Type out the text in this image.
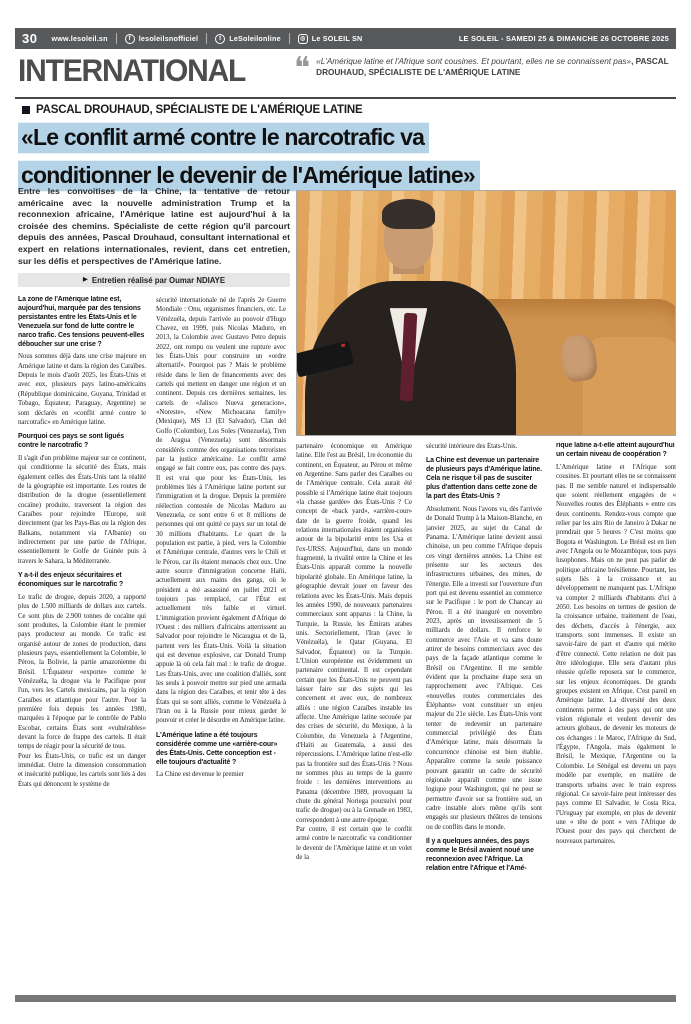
30 www.lesoleil.sn	f	lesoleilsnofficiel	t	LeSoleilonline	◎ Le SOLEIL SN	LE SOLEIL - SAMEDI 25 & DIMANCHE 26 OCTOBRE 2025
INTERNATIONAL ❝ «L'Amérique latine et l'Afrique sont cousines. Et pourtant, elles ne se connaissent pas», PASCAL DROUHAUD, SPÉCIALISTE DE L'AMÉRIQUE LATINE

PASCAL DROUHAUD, SPÉCIALISTE DE L'AMÉRIQUE LATINE
«Le conflit armé contre le narcotrafic va
conditionner le devenir de l'Amérique latine»

Entre les convoitises de la Chine, la tentative de retour américaine avec la nouvelle administration Trump et la reconnexion africaine, l'Amérique latine est aujourd'hui à la croisée des chemins. Spécialiste de cette région qu'il parcourt depuis des années, Pascal Drouhaud, consultant international et expert en relations internationales, revient, dans cet entretien, sur les défis et perspectives de l'Amérique latine.

▶ Entretien réalisé par Oumar NDIAYE

La zone de l'Amérique latine est, aujourd'hui, marquée par des tensions persistantes entre les États-Unis et le Venezuela sur fond de lutte contre le narco trafic. Ces tensions peuvent-elles déboucher sur une crise ?

Nous sommes déjà dans une crise majeure en Amérique latine et dans la région des Caraïbes. Depuis le mois d'août 2025, les États-Unis et avec eux, plusieurs pays latino-américains (République dominicaine, Guyana, Trinidad et Tobago, Équateur, Paraguay, Argentine) se sont déclarés en «conflit armé contre le narcotrafic» en Amérique latine.

Pourquoi ces pays se sont ligués contre le narcotrafic ?

Il s'agit d'un problème majeur sur ce continent, qui conditionne la sécurité des États, mais également celles des États-Unis tant la réalité de la géographie est importante. Les routes de distribution de la drogue (essentiellement cocaïne) produite, traversent la région des Caraïbes pour rejoindre l'Europe, soit directement (par les Pays-Bas ou la région des Balkans, notamment via l'Albanie) ou indirectement par une partie de l'Afrique, essentiellement le Golfe de Guinée puis à travers le Sahara, la Méditerranée.

Y a-t-il des enjeux sécuritaires et économiques sur le narcotrafic ?

Le trafic de drogue, depuis 2020, a rapporté plus de 1.500 milliards de dollars aux cartels. Ce sont plus de 2.900 tonnes de cocaïne qui sont produites, la Colombie étant le premier pays producteur au monde. Ce trafic est organisé autour de zones de production, dans plusieurs pays, essentiellement la Colombie, le Pérou, la Bolivie, la partie amazonienne du Brésil. L'Équateur «exporte» comme le Vénézuéla, la drogue via le Pacifique pour l'un, vers les Cartels mexicains, par la région Caraïbes et atlantique pour l'autre. Pour la première fois depuis les années 1980, marquées à l'époque par le contrôle de Pablo Escobar, certains États sont «vulnérables» devant la force de frappe des cartels. Il était temps de réagir pour la sécurité de tous.

Pour les États-Unis, ce trafic est un danger immédiat. Outre la dimension consommation et insécurité publique, les cartels sont liés à des États qui dénoncent le système de

sécurité internationale né de l'après 2e Guerre Mondiale : Onu, organismes financiers, etc. Le Vénézuéla, depuis l'arrivée au pouvoir d'Hugo Chavez, en 1999, puis Nicolas Maduro, en 2013, la Colombie avec Gustavo Petro depuis 2022, ont rompu ou veulent une rupture avec les États-Unis pour construire un «ordre alternatif». Pourquoi pas ? Mais le problème réside dans le lien de financements avec des cartels qui mettent en danger une région et un continent. Depuis ces dernières semaines, les cartels de «Jalisco Nueva generacion», «Noreste», «New Michoacana family» (Mexique), MS 13 (El Salvador), Clan del Golfo (Colombie), Los Soles (Venezuela), Tren de Aragua (Venezuela) sont désormais considérés comme des organisations terroristes par la justice américaine. Le conflit armé engagé se fait contre eux, pas contre des pays. Il est vrai que pour les États-Unis, les problèmes liés à l'Amérique latine portent sur l'immigration et la drogue. Depuis la première réélection contestée de Nicolas Maduro au Venezuela, ce sont entre 6 et 8 millions de personnes qui ont quitté ce pays sur un total de 30 millions d'habitants. Le quart de la population est partie, à pied, vers la Colombie et l'Amérique centrale, d'autres vers le Chili et le Pérou, car ils étaient menacés chez eux. Une autre source d'immigration concerne Haïti, actuellement aux mains des gangs, où le président a été assassiné en juillet 2021 et toujours pas remplacé, car l'État est actuellement très faible et virtuel. L'immigration provient également d'Afrique de l'Ouest : des milliers d'africains atterrissent au Salvador pour rejoindre le Nicaragua et de là, partent vers les États-Unis. Voilà la situation qui est devenue explosive, car Donald Trump appuie là où cela fait mal : le trafic de drogue. Les États-Unis, avec une coalition d'alliés, sont les seuls à pouvoir mettre sur pied une armada dans la région des Caraïbes, et tenir tête à des États qui se sont alliés, comme le Vénézuéla à l'Iran ou à la Russie pour mieux garder le pouvoir et créer le désordre en Amérique latine.

L'Amérique latine a été toujours considérée comme une «arrière-cour» des États-Unis. Cette conception est -elle toujours d'actualité ?

La Chine est devenue le premier

partenaire économique en Amérique latine. Elle l'est au Brésil, 1re économie du continent, en Équateur, au Pérou et même en Argentine. Sans parler des Caraïbes ou de l'Amérique centrale. Cela aurait été possible si l'Amérique latine était toujours «la chasse gardée» des États-Unis ? Ce concept de «back yard», «arrière-cour» date de la guerre froide, quand les relations internationales étaient organisées autour de la bipolarité entre les Usa et l'ex-URSS. Aujourd'hui, dans un monde fragmenté, la rivalité entre la Chine et les États-Unis apparaît comme la nouvelle bipolarité globale. En Amérique latine, la géographie devrait jouer en faveur des relations avec les États-Unis. Mais depuis les années 1990, de nouveaux partenaires commerciaux sont apparus : la Chine, la Turquie, la Russie, les Émirats arabes unis. Sectoriellement, l'Iran (avec le Vénézuéla), le Qatar (Guyana, El Salvador, Équateur) ou la Turquie. L'Union européenne est évidemment un partenaire continental. Il est cependant certain que les États-Unis ne peuvent pas laisser faire sur des sujets qui les concernent et avec eux, de nombreux alliés : une région Caraïbes instable les affecte. Une Amérique latine secouée par des crises de sécurité, du Mexique, à la Colombie, du Venezuela à l'Argentine, d'Haïti au Guatemala, a aussi des répercussions. L'Amérique latine n'est-elle pas la frontière sud des États-Unis ? Nous ne sommes plus au temps de la guerre froide : les dernières interventions au Panama (décembre 1989, provoquant la chute du général Noriega poursuivi pour trafic de drogue) ou à la Grenade en 1983, correspondent à une autre époque.

Par contre, il est certain que le conflit armé contre le narcotrafic va conditionner le devenir de l'Amérique latine et un volet de la

sécurité intérieure des États-Unis.

La Chine est devenue un partenaire de plusieurs pays d'Amérique latine. Cela ne risque t-il pas de susciter plus d'attention dans cette zone de la part des États-Unis ?

Absolument. Nous l'avons vu, dès l'arrivée de Donald Trump à la Maison-Blanche, en janvier 2025, au sujet du Canal de Panama. L'Amérique latine devient aussi chinoise, un peu comme l'Afrique depuis ces vingt dernières années. La Chine est présente sur les secteurs des infrastructures urbaines, des mines, de l'énergie. Elle a investi sur l'ouverture d'un port qui est devenu essentiel au commerce sur le Pacifique : le port de Chancay au Pérou. Il a été inauguré en novembre 2023, après un investissement de 5 milliards de dollars. Il renforce le commerce avec l'Asie et va sans doute attirer de besoins commerciaux avec des pays de la façade atlantique comme le Brésil ou l'Argentine. Il me semble évident que la prochaine étape sera un rapprochement avec l'Afrique. Ces «nouvelles routes commerciales des Éléphants» vont constituer un enjeu majeur du 21e siècle. Les États-Unis vont tenter de redevenir un partenaire commercial privilégié des États d'Amérique latine, mais désormais la concurrence chinoise est bien établie. Apparaître comme la seule puissance pouvant garantir un cadre de sécurité régionale apparaît comme une issue logique pour Washington, qui ne peut se permettre d'avoir sur sa frontière sud, un cadre instable alors même qu'ils sont engagés sur plusieurs théâtres de tensions ou de conflits dans le monde.

Il y a quelques années, des pays comme le Brésil avaient noué une reconnexion avec l'Afrique. La relation entre l'Afrique et l'Amé-

rique latine a-t-elle atteint aujourd'hui un certain niveau de coopération ?

L'Amérique latine et l'Afrique sont cousines. Et pourtant elles ne se connaissent pas. Il me semble naturel et indispensable que soient réellement engagées de « Nouvelles routes des Éléphants » entre ces deux continents. Rendez-vous compte que relier par les airs Rio de Janeiro à Dakar ne prendrait que 5 heures ? C'est moins que Bogota et Washington. Le Brésil est en lien avec l'Angola ou le Mozambique, tous pays lusophones. Mais on ne peut pas parler de politique africaine brésilienne. Pourtant, les sujets liés à la croissance et au développement ne manquent pas. L'Afrique va compter 2 milliards d'habitants d'ici à 2050. Les besoins en termes de gestion de la croissance urbaine, traitement de l'eau, des déchets, d'accès à l'énergie, aux transports sont immenses. Il existe un savoir-faire de part et d'autre qui mérite d'être connecté. Cette relation ne doit pas être idéologique. Elle sera d'autant plus réussie qu'elle reposera sur le commerce, sur les enjeux économiques. De grands groupes existent en Afrique. C'est pareil en Amérique latine. La diversité des deux continents permet à des pays qui ont une vision régionale et veulent devenir des acteurs globaux, de devenir les moteurs de ces échanges : le Maroc, l'Afrique du Sud, l'Égypte, l'Angola, mais également le Brésil, le Mexique, l'Argentine ou la Colombie. Le Sénégal est devenu un pays modèle par exemple, en matière de transports urbains avec le train express régional. Ce savoir-faire peut intéresser des pays comme El Salvador, le Costa Rica, l'Uruguay par exemple, en plus de devenir une « tête de pont » vers l'Afrique de l'Ouest pour des pays qui cherchent de nouveaux partenaires.
